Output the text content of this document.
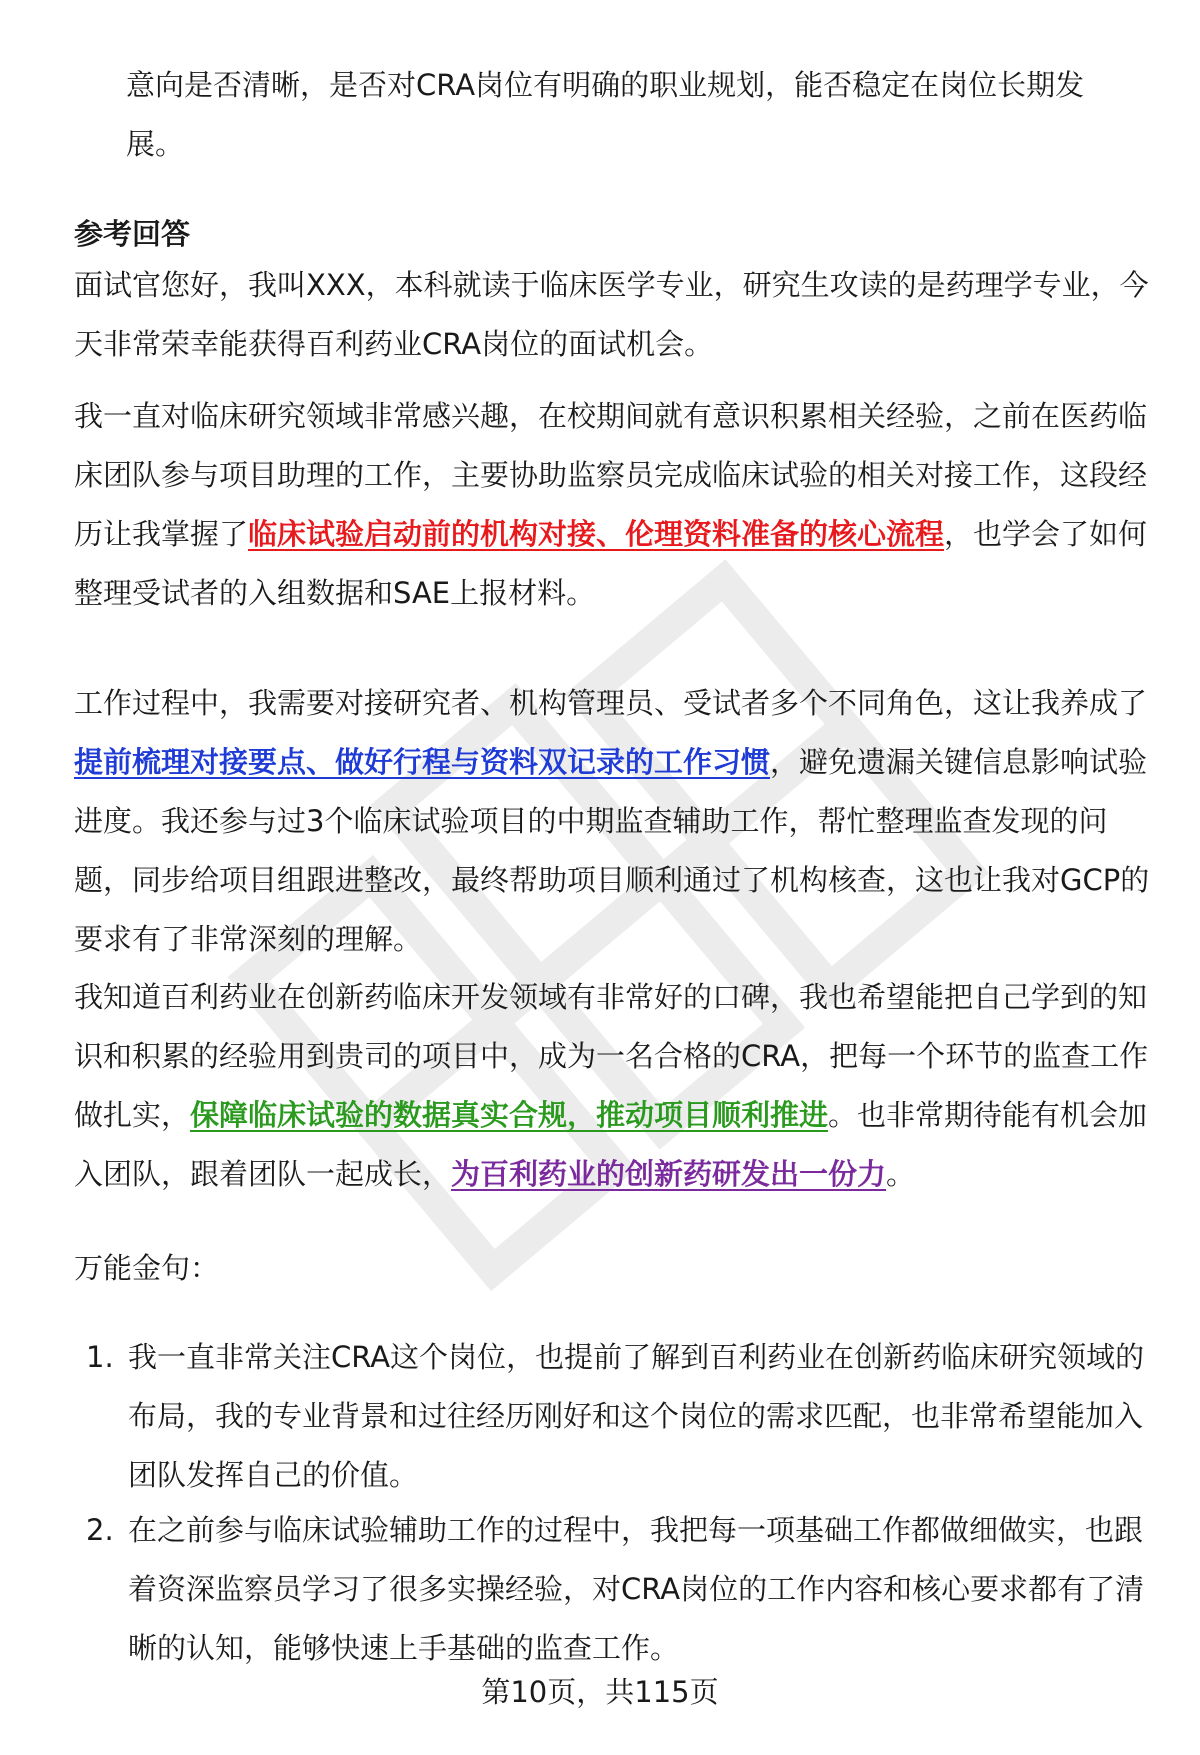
意向是否清晰，是否对CRA岗位有明确的职业规划，能否稳定在岗位长期发

展。

参考回答

面试官您好，我叫XXX，本科就读于临床医学专业，研究生攻读的是药理学专业，今天非常荣幸能获得百利药业CRA岗位的面试机会。

我一直对临床研究领域非常感兴趣，在校期间就有意识积累相关经验，之前在医药临床团队参与项目助理的工作，主要协助监察员完成临床试验的相关对接工作，这段经历让我掌握了临床试验启动前的机构对接、伦理资料准备的核心流程，也学会了如何整理受试者的入组数据和SAE上报材料。

工作过程中，我需要对接研究者、机构管理员、受试者多个不同角色，这让我养成了提前梳理对接要点、做好行程与资料双记录的工作习惯，避免遗漏关键信息影响试验进度。我还参与过3个临床试验项目的中期监查辅助工作，帮忙整理监查发现的问题，同步给项目组跟进整改，最终帮助项目顺利通过了机构核查，这也让我对GCP的要求有了非常深刻的理解。

我知道百利药业在创新药临床开发领域有非常好的口碑，我也希望能把自己学到的知识和积累的经验用到贵司的项目中，成为一名合格的CRA，把每一个环节的监查工作做扎实，保障临床试验的数据真实合规，推动项目顺利推进。也非常期待能有机会加入团队，跟着团队一起成长，为百利药业的创新药研发出一份力。

万能金句：

1. 我一直非常关注CRA这个岗位，也提前了解到百利药业在创新药临床研究领域的布局，我的专业背景和过往经历刚好和这个岗位的需求匹配，也非常希望能加入团队发挥自己的价值。

2. 在之前参与临床试验辅助工作的过程中，我把每一项基础工作都做细做实，也跟着资深监察员学习了很多实操经验，对CRA岗位的工作内容和核心要求都有了清晰的认知，能够快速上手基础的监查工作。

第10页，共115页
